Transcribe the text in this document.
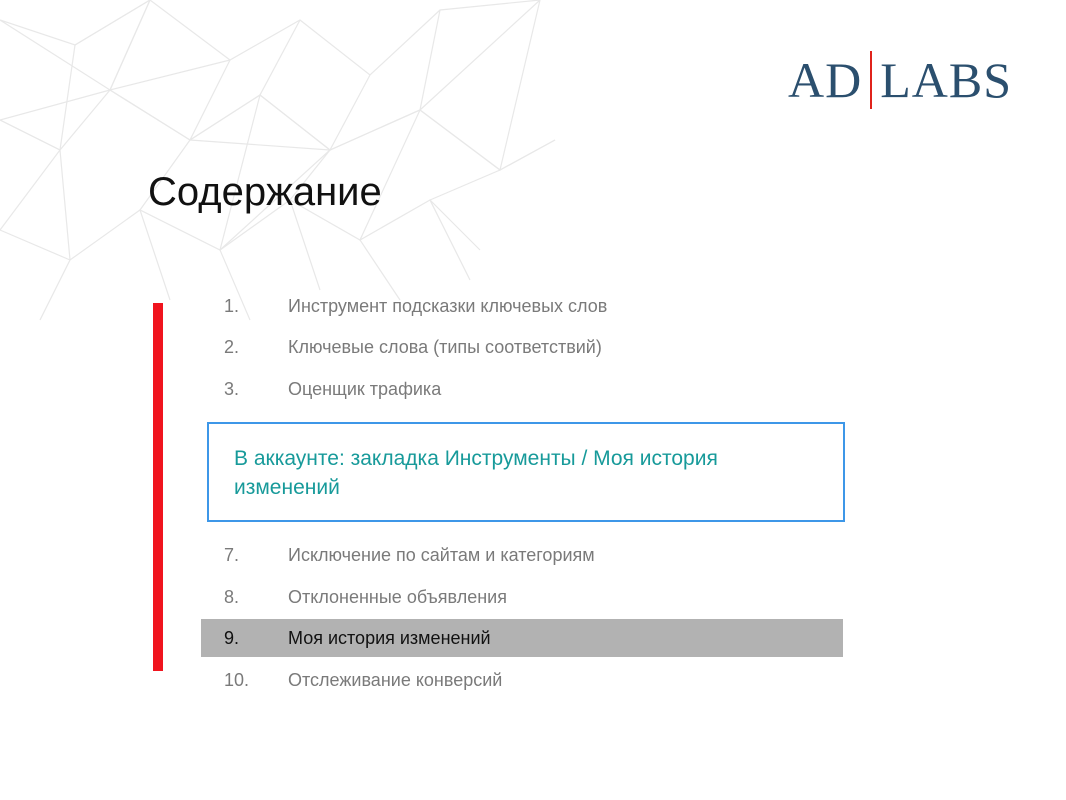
AD LABS
Содержание
1.	Инструмент подсказки ключевых слов
2.	Ключевые слова (типы соответствий)
3.	Оценщик трафика
7.	Исключение по сайтам и категориям
8.	Отклоненные объявления
9.	Моя история изменений
10.	Отслеживание конверсий
В аккаунте: закладка Инструменты / Моя история изменений
